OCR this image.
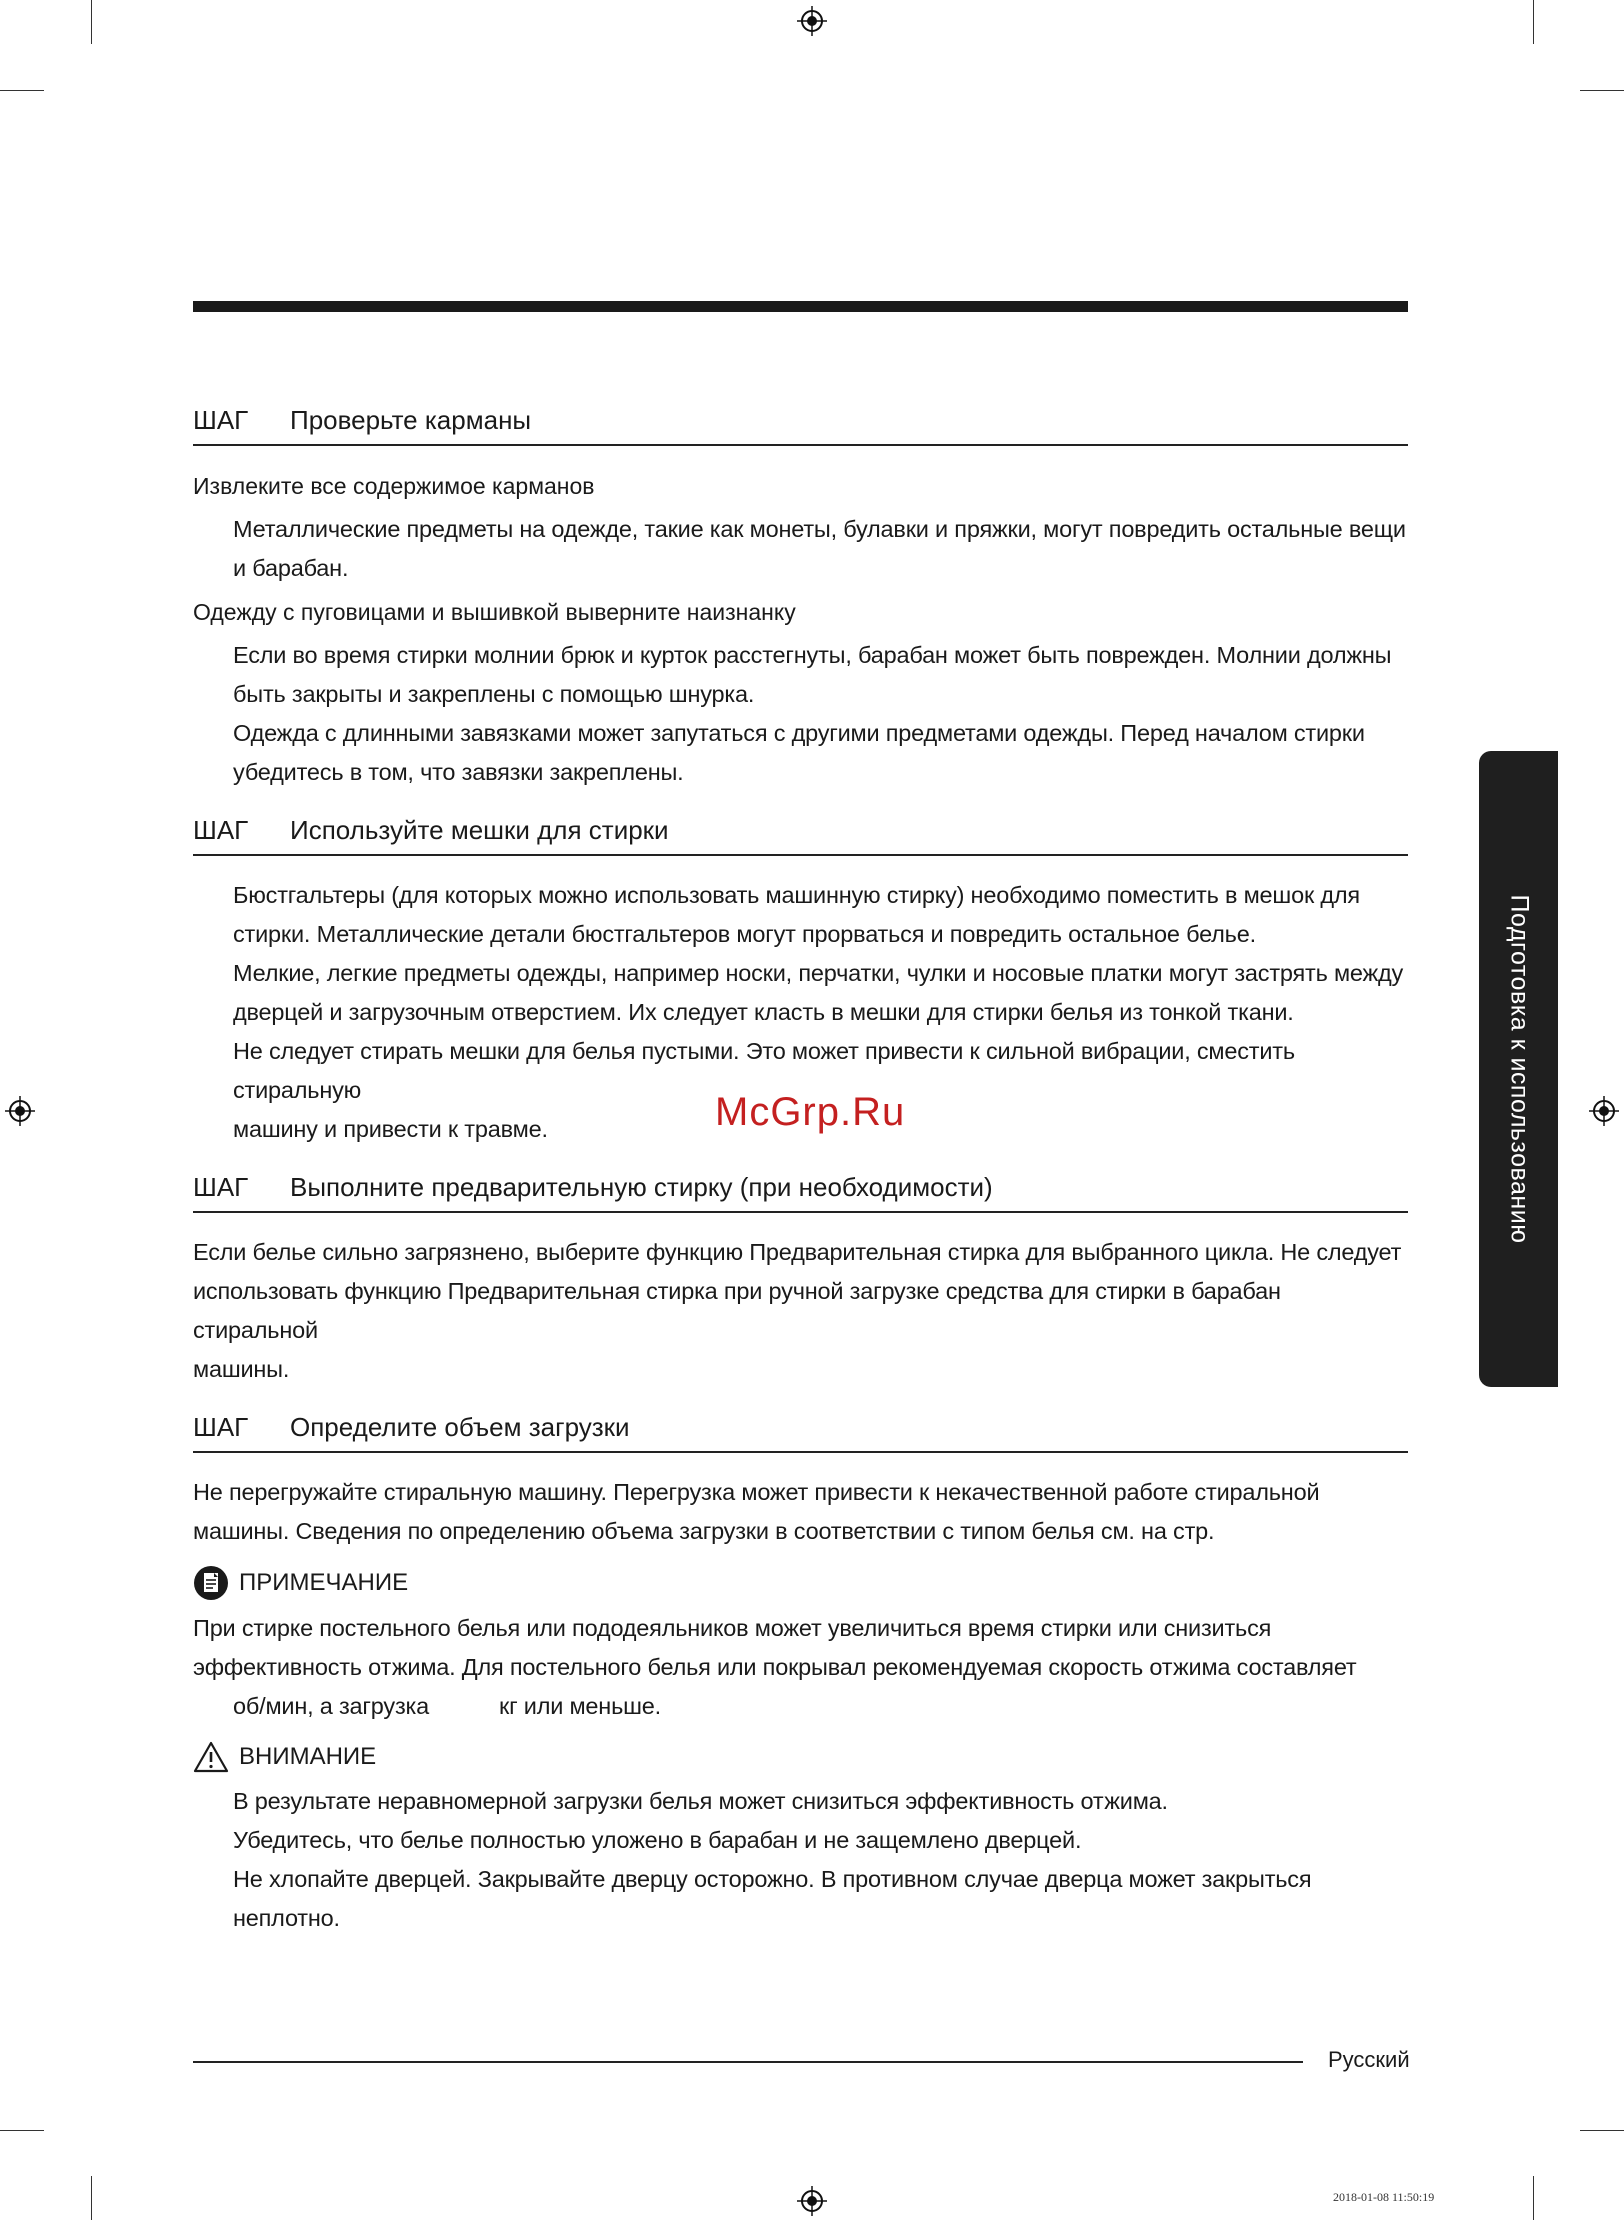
ШАГ	Проверьте карманы
Извлеките все содержимое карманов
Металлические предметы на одежде, такие как монеты, булавки и пряжки, могут повредить остальные вещи
и барабан.
Одежду с пуговицами и вышивкой выверните наизнанку
Если во время стирки молнии брюк и курток расстегнуты, барабан может быть поврежден. Молнии должны
быть закрыты и закреплены с помощью шнурка.
Одежда с длинными завязками может запутаться с другими предметами одежды. Перед началом стирки
убедитесь в том, что завязки закреплены.
ШАГ	Используйте мешки для стирки
Бюстгальтеры (для которых можно использовать машинную стирку) необходимо поместить в мешок для
стирки. Металлические детали бюстгальтеров могут прорваться и повредить остальное белье.
Мелкие, легкие предметы одежды, например носки, перчатки, чулки и носовые платки могут застрять между
дверцей и загрузочным отверстием. Их следует класть в мешки для стирки белья из тонкой ткани.
Не следует стирать мешки для белья пустыми. Это может привести к сильной вибрации, сместить стиральную
машину и привести к травме.
ШАГ	Выполните предварительную стирку (при необходимости)
Если белье сильно загрязнено, выберите функцию Предварительная стирка для выбранного цикла. Не следует
использовать функцию Предварительная стирка при ручной загрузке средства для стирки в барабан стиральной
машины.
ШАГ	Определите объем загрузки
Не перегружайте стиральную машину. Перегрузка может привести к некачественной работе стиральной
машины. Сведения по определению объема загрузки в соответствии с типом белья см. на стр.
ПРИМЕЧАНИЕ
При стирке постельного белья или пододеяльников может увеличиться время стирки или снизиться
эффективность отжима. Для постельного белья или покрывал рекомендуемая скорость отжима составляет
об/мин, а загрузка	кг или меньше.
ВНИМАНИЕ
В результате неравномерной загрузки белья может снизиться эффективность отжима.
Убедитесь, что белье полностью уложено в барабан и не защемлено дверцей.
Не хлопайте дверцей. Закрывайте дверцу осторожно. В противном случае дверца может закрыться неплотно.
Подготовка к использованию
McGrp.Ru
Русский
2018-01-08 11:50:19
